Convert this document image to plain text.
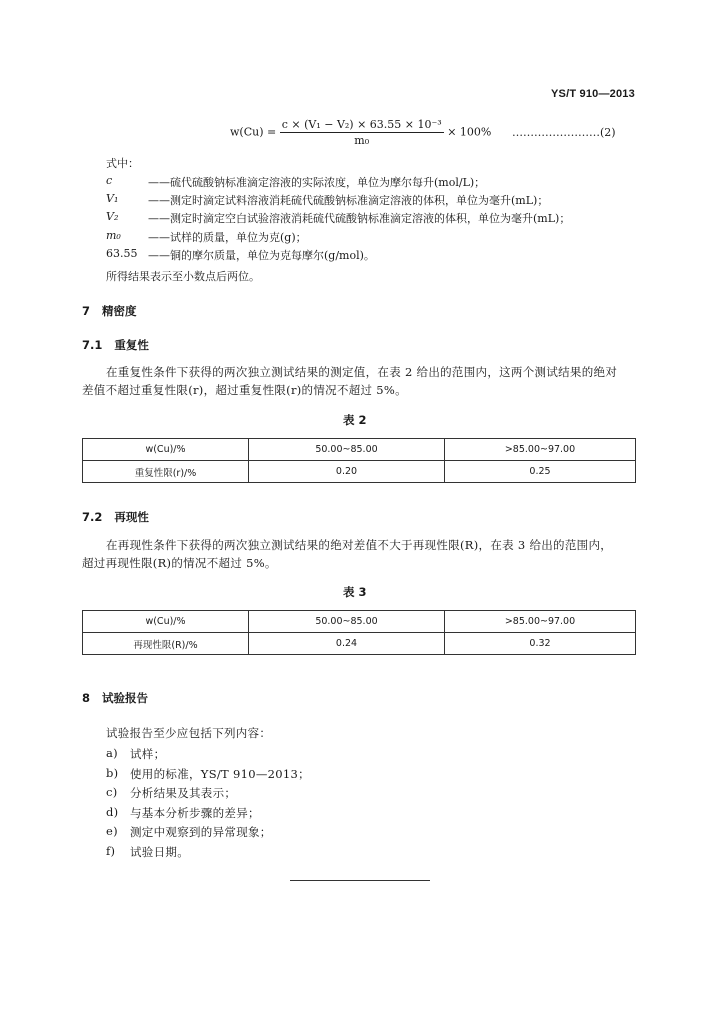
YS/T 910—2013
$w(Cu) = \frac{\text{c × (V₁ − V₂) × 63.55 × 10⁻³}}{\text{m₀}} \times 100\%$ ……………………(2)
式中：
c	——硫代硫酸钠标准滴定溶液的实际浓度，单位为摩尔每升(mol/L)；
V₁	——测定时滴定试料溶液消耗硫代硫酸钠标准滴定溶液的体积，单位为毫升(mL)；
V₂	——测定时滴定空白试验溶液消耗硫代硫酸钠标准滴定溶液的体积，单位为毫升(mL)；
m₀ ——试样的质量，单位为克(g)；
63.55 ——铜的摩尔质量，单位为克每摩尔(g/mol)。
所得结果表示至小数点后两位。
7 精密度
7.1 重复性
在重复性条件下获得的两次独立测试结果的测定值，在表 2 给出的范围内，这两个测试结果的绝对
差值不超过重复性限(r)，超过重复性限(r)的情况不超过 5%。
表 2
w(Cu)/%	50.00~85.00	>85.00~97.00
重复性限(r)/%	0.20	0.25
7.2 再现性
在再现性条件下获得的两次独立测试结果的绝对差值不大于再现性限(R)，在表 3 给出的范围内，
超过再现性限(R)的情况不超过 5%。
表 3
w(Cu)/%	50.00~85.00	>85.00~97.00
再现性限(R)/%	0.24	0.32
8 试验报告
试验报告至少应包括下列内容：
a) 试样；
b) 使用的标准，YS/T 910—2013；
c) 分析结果及其表示；
d) 与基本分析步骤的差异；
e) 测定中观察到的异常现象；
f) 试验日期。
